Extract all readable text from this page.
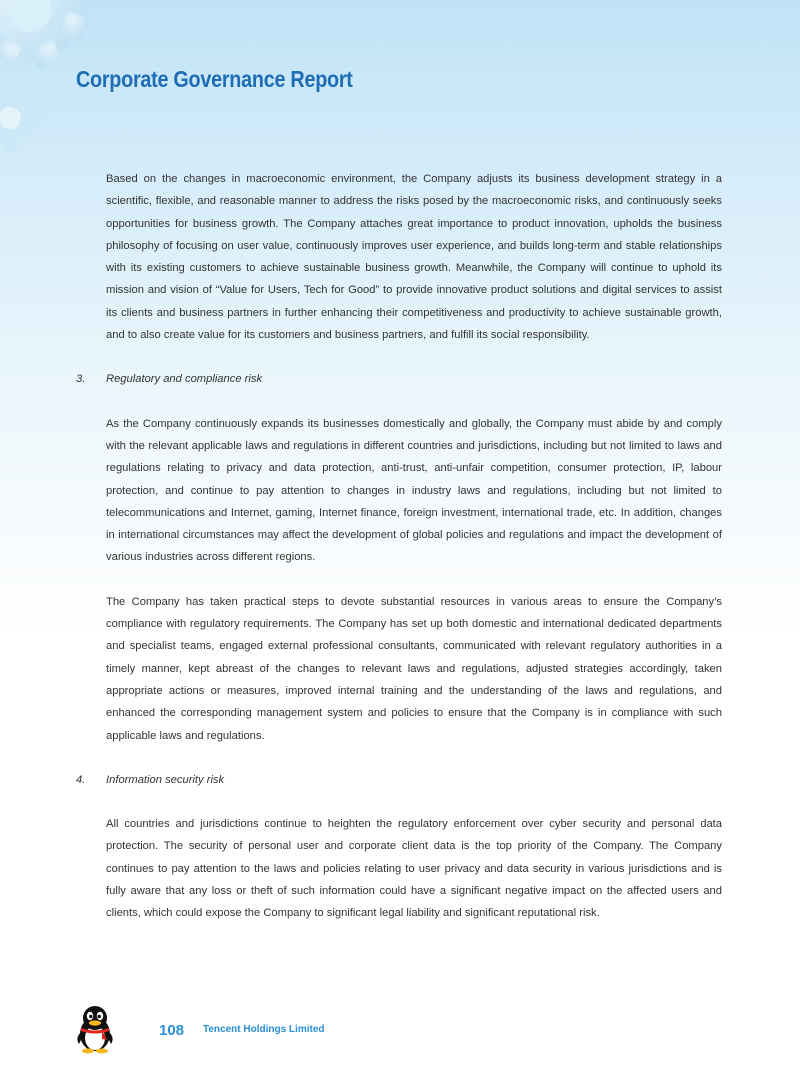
Corporate Governance Report

Based on the changes in macroeconomic environment, the Company adjusts its business development strategy in a scientific, flexible, and reasonable manner to address the risks posed by the macroeconomic risks, and continuously seeks opportunities for business growth. The Company attaches great importance to product innovation, upholds the business philosophy of focusing on user value, continuously improves user experience, and builds long-term and stable relationships with its existing customers to achieve sustainable business growth. Meanwhile, the Company will continue to uphold its mission and vision of “Value for Users, Tech for Good” to provide innovative product solutions and digital services to assist its clients and business partners in further enhancing their competitiveness and productivity to achieve sustainable growth, and to also create value for its customers and business partners, and fulfill its social responsibility.

3.	Regulatory and compliance risk

As the Company continuously expands its businesses domestically and globally, the Company must abide by and comply with the relevant applicable laws and regulations in different countries and jurisdictions, including but not limited to laws and regulations relating to privacy and data protection, anti-trust, anti-unfair competition, consumer protection, IP, labour protection, and continue to pay attention to changes in industry laws and regulations, including but not limited to telecommunications and Internet, gaming, Internet finance, foreign investment, international trade, etc. In addition, changes in international circumstances may affect the development of global policies and regulations and impact the development of various industries across different regions.

The Company has taken practical steps to devote substantial resources in various areas to ensure the Company’s compliance with regulatory requirements. The Company has set up both domestic and international dedicated departments and specialist teams, engaged external professional consultants, communicated with relevant regulatory authorities in a timely manner, kept abreast of the changes to relevant laws and regulations, adjusted strategies accordingly, taken appropriate actions or measures, improved internal training and the understanding of the laws and regulations, and enhanced the corresponding management system and policies to ensure that the Company is in compliance with such applicable laws and regulations.

4.	Information security risk

All countries and jurisdictions continue to heighten the regulatory enforcement over cyber security and personal data protection. The security of personal user and corporate client data is the top priority of the Company. The Company continues to pay attention to the laws and policies relating to user privacy and data security in various jurisdictions and is fully aware that any loss or theft of such information could have a significant negative impact on the affected users and clients, which could expose the Company to significant legal liability and significant reputational risk.

108 Tencent Holdings Limited
